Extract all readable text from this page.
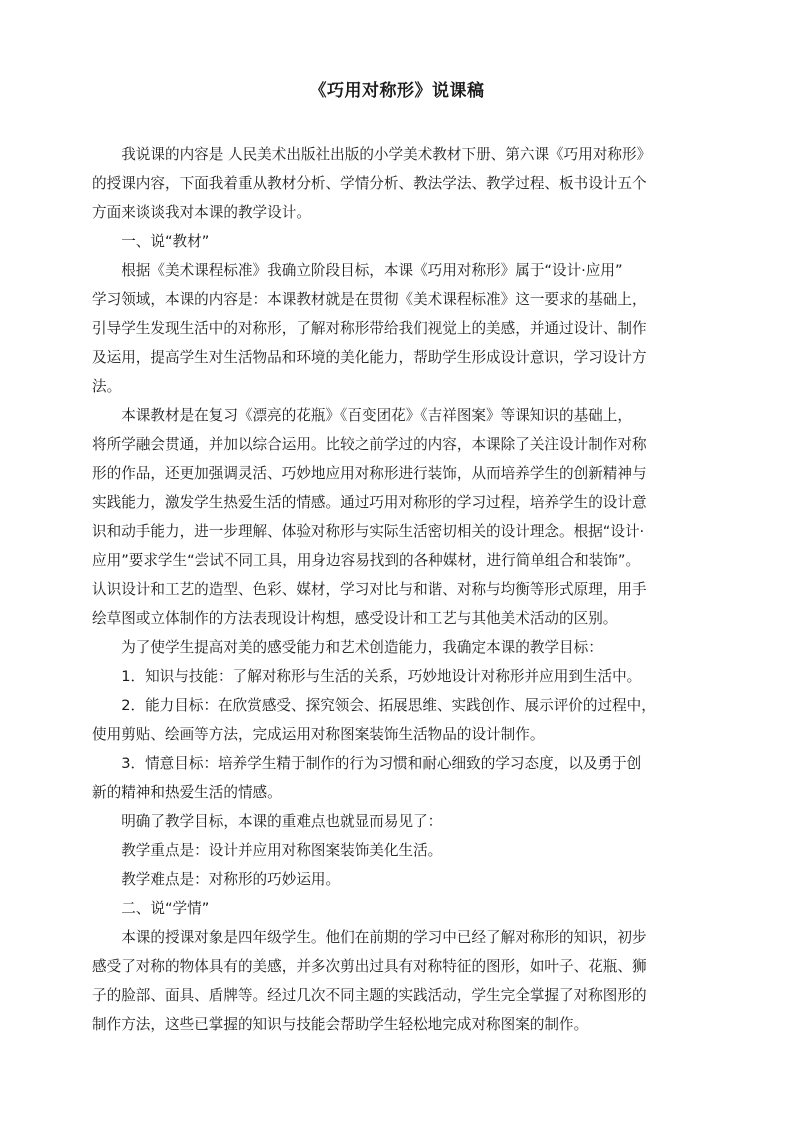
《巧用对称形》说课稿

我说课的内容是 人民美术出版社出版的小学美术教材下册、第六课《巧用对称形》
的授课内容，下面我着重从教材分析、学情分析、教法学法、教学过程、板书设计五个
方面来谈谈我对本课的教学设计。

一、说“教材”

根据《美术课程标准》我确立阶段目标，本课《巧用对称形》属于“设计·应用”
学习领域，本课的内容是：本课教材就是在贯彻《美术课程标准》这一要求的基础上，
引导学生发现生活中的对称形，了解对称形带给我们视觉上的美感，并通过设计、制作
及运用，提高学生对生活物品和环境的美化能力，帮助学生形成设计意识，学习设计方
法。

本课教材是在复习《漂亮的花瓶》《百变团花》《吉祥图案》等课知识的基础上，
将所学融会贯通，并加以综合运用。比较之前学过的内容，本课除了关注设计制作对称
形的作品，还更加强调灵活、巧妙地应用对称形进行装饰，从而培养学生的创新精神与
实践能力，激发学生热爱生活的情感。通过巧用对称形的学习过程，培养学生的设计意
识和动手能力，进一步理解、体验对称形与实际生活密切相关的设计理念。根据“设计·
应用”要求学生“尝试不同工具，用身边容易找到的各种媒材，进行简单组合和装饰”。
认识设计和工艺的造型、色彩、媒材，学习对比与和谐、对称与均衡等形式原理，用手
绘草图或立体制作的方法表现设计构想，感受设计和工艺与其他美术活动的区别。

为了使学生提高对美的感受能力和艺术创造能力，我确定本课的教学目标：

1．知识与技能：了解对称形与生活的关系，巧妙地设计对称形并应用到生活中。

2．能力目标：在欣赏感受、探究领会、拓展思维、实践创作、展示评价的过程中，
使用剪贴、绘画等方法，完成运用对称图案装饰生活物品的设计制作。

3．情意目标：培养学生精于制作的行为习惯和耐心细致的学习态度，以及勇于创
新的精神和热爱生活的情感。

明确了教学目标，本课的重难点也就显而易见了：

教学重点是：设计并应用对称图案装饰美化生活。

教学难点是：对称形的巧妙运用。

二、说“学情”

本课的授课对象是四年级学生。他们在前期的学习中已经了解对称形的知识，初步
感受了对称的物体具有的美感，并多次剪出过具有对称特征的图形，如叶子、花瓶、狮
子的脸部、面具、盾牌等。经过几次不同主题的实践活动，学生完全掌握了对称图形的
制作方法，这些已掌握的知识与技能会帮助学生轻松地完成对称图案的制作。
